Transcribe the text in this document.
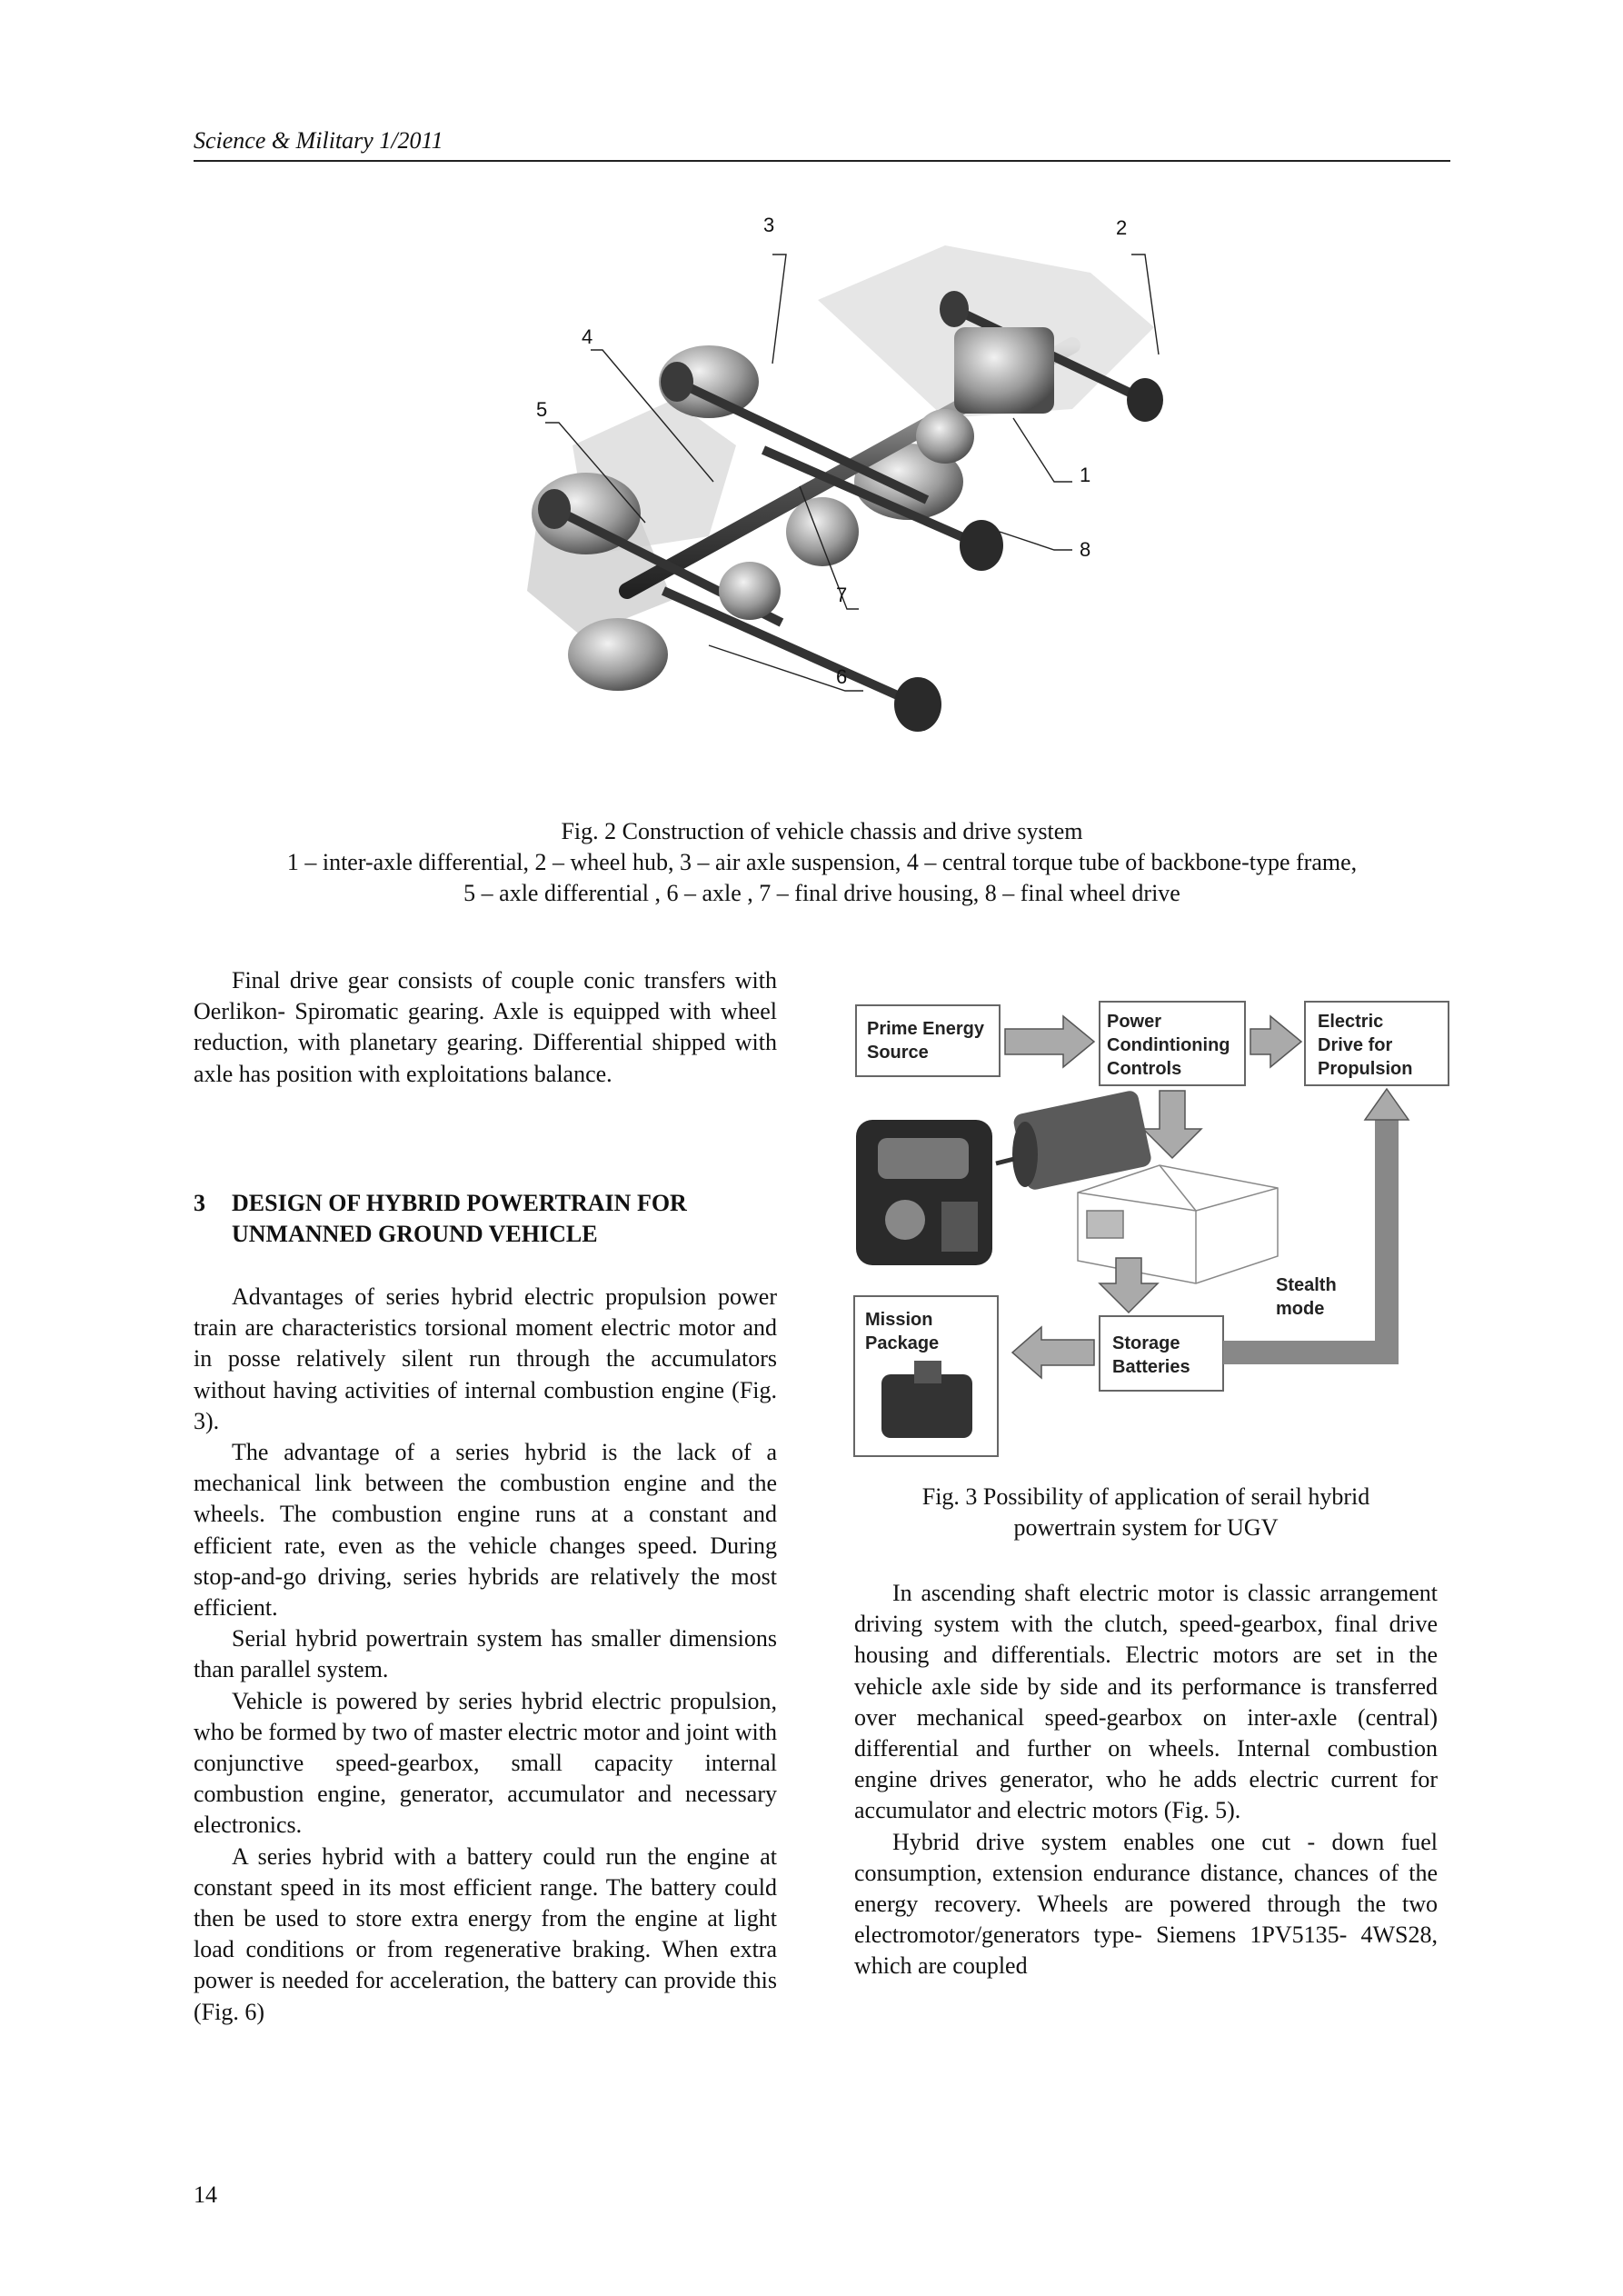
Science & Military 1/2011
3	2
4
5
1
8
7
6
Fig. 2 Construction of vehicle chassis and drive system
1 – inter-axle differential, 2 – wheel hub, 3 – air axle suspension, 4 – central torque tube of backbone-type frame,
5 – axle differential , 6 – axle , 7 – final drive housing, 8 – final wheel drive

Final drive gear consists of couple conic transfers with Oerlikon- Spiromatic gearing. Axle is equipped with wheel reduction, with planetary gearing. Differential shipped with axle has position with exploitations balance.

3 DESIGN OF HYBRID POWERTRAIN FOR
UNMANNED GROUND VEHICLE

Advantages of series hybrid electric propulsion power train are characteristics torsional moment electric motor and in posse relatively silent run through the accumulators without having activities of internal combustion engine (Fig. 3).

The advantage of a series hybrid is the lack of a mechanical link between the combustion engine and the wheels. The combustion engine runs at a constant and efficient rate, even as the vehicle changes speed. During stop-and-go driving, series hybrids are relatively the most efficient.

Serial hybrid powertrain system has smaller dimensions than parallel system.

Vehicle is powered by series hybrid electric propulsion, who be formed by two of master electric motor and joint with conjunctive speed-gearbox, small capacity internal combustion engine, generator, accumulator and necessary electronics.

A series hybrid with a battery could run the engine at constant speed in its most efficient range. The battery could then be used to store extra energy from the engine at light load conditions or from regenerative braking. When extra power is needed for acceleration, the battery can provide this (Fig. 6)

Prime Energy
Source
Power
Condintioning
Controls
Electric
Drive for
Propulsion
Storage
Batteries
Mission
Package
Stealth
mode
Fig. 3 Possibility of application of serail hybrid
powertrain system for UGV

In ascending shaft electric motor is classic arrangement driving system with the clutch, speed-gearbox, final drive housing and differentials. Electric motors are set in the vehicle axle side by side and its performance is transferred over mechanical speed-gearbox on inter-axle (central) differential and further on wheels. Internal combustion engine drives generator, who he adds electric current for accumulator and electric motors (Fig. 5).

Hybrid drive system enables one cut - down fuel consumption, extension endurance distance, chances of the energy recovery. Wheels are powered through the two electromotor/generators type- Siemens 1PV5135- 4WS28, which are coupled

14
